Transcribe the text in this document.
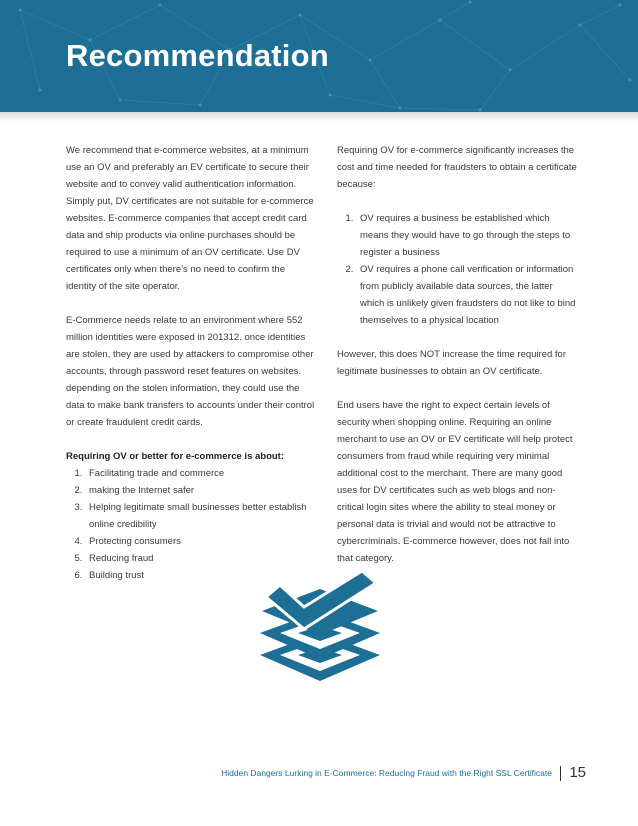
Recommendation

We recommend that e-commerce websites, at a minimum use an OV and preferably an EV certificate to secure their website and to convey valid authentication information. Simply put, DV certificates are not suitable for e-commerce websites. E-commerce companies that accept credit card data and ship products via online purchases should be required to use a minimum of an OV certificate. Use DV certificates only when there’s no need to confirm the identity of the site operator.

E-Commerce needs relate to an environment where 552 million identities were exposed in 201312. once identities are stolen, they are used by attackers to compromise other accounts, through password reset features on websites. depending on the stolen information, they could use the data to make bank transfers to accounts under their control or create fraudulent credit cards.

Requiring OV or better for e-commerce is about:

1. Facilitating trade and commerce
2. making the Internet safer
3. Helping legitimate small businesses better establish online credibility
4. Protecting consumers
5. Reducing fraud
6. Building trust

Requiring OV for e-commerce significantly increases the cost and time needed for fraudsters to obtain a certificate because:

1. OV requires a business be established which means they would have to go through the steps to register a business
2. OV requires a phone call verification or information from publicly available data sources, the latter which is unlikely given fraudsters do not like to bind themselves to a physical location

However, this does NOT increase the time required for legitimate businesses to obtain an OV certificate.

End users have the right to expect certain levels of security when shopping online. Requiring an online merchant to use an OV or EV certificate will help protect consumers from fraud while requiring very minimal additional cost to the merchant. There are many good uses for DV certificates such as web blogs and non-critical login sites where the ability to steal money or personal data is trivial and would not be attractive to cybercriminals. E-commerce however, does not fall into that category.

Hidden Dangers Lurking in E-Commerce: Reducing Fraud with the Right SSL Certificate 15
